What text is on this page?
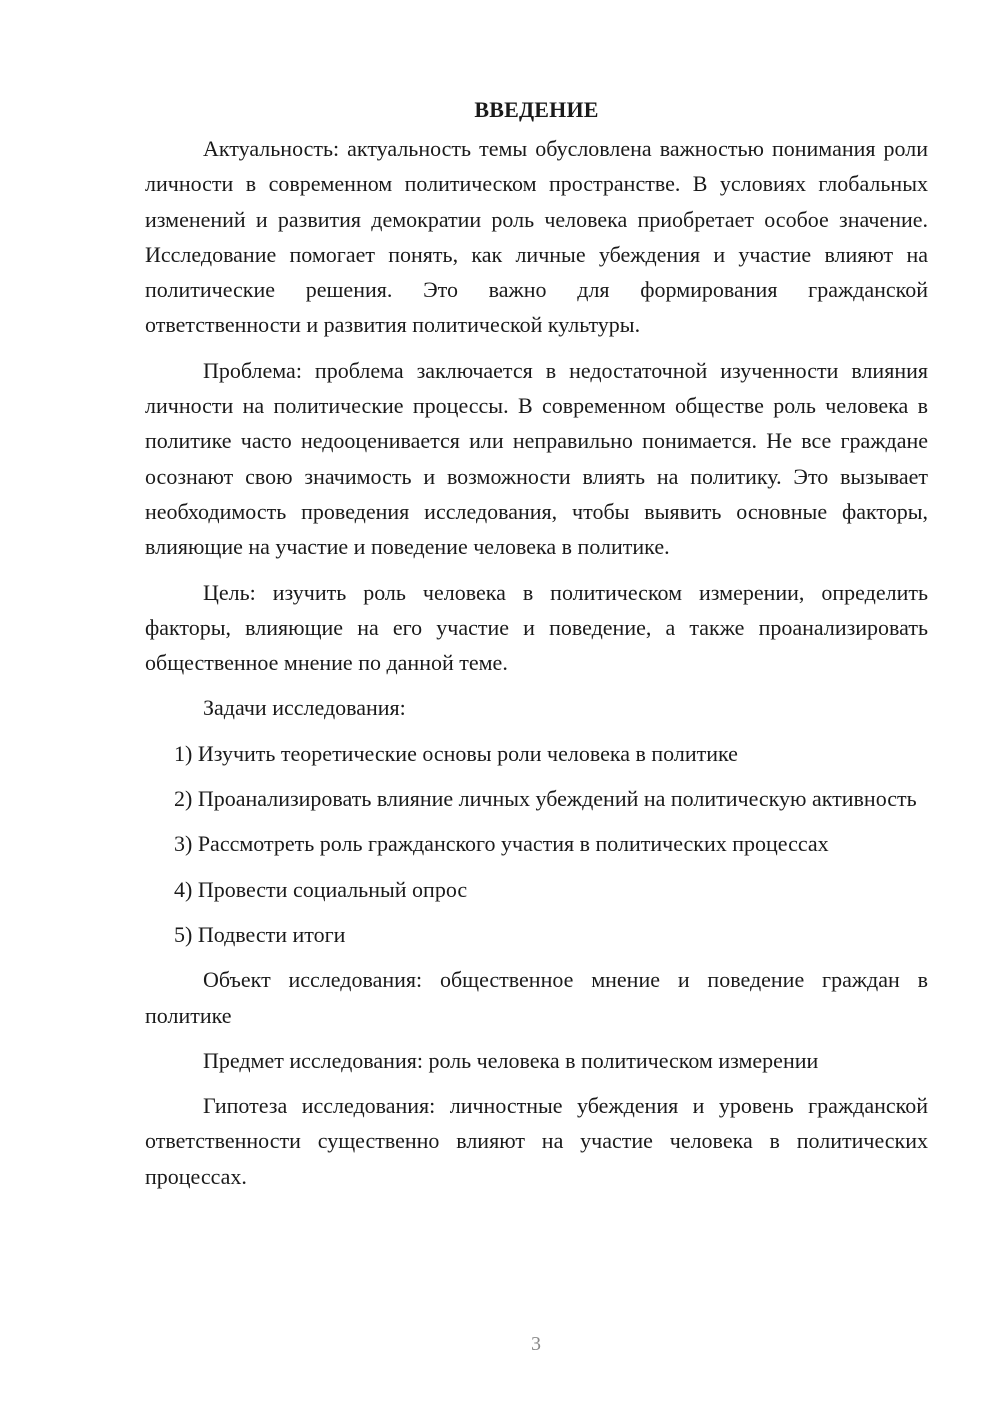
ВВЕДЕНИЕ

Актуальность: актуальность темы обусловлена важностью понимания роли личности в современном политическом пространстве. В условиях глобальных изменений и развития демократии роль человека приобретает особое значение. Исследование помогает понять, как личные убеждения и участие влияют на политические решения. Это важно для формирования гражданской ответственности и развития политической культуры.

Проблема: проблема заключается в недостаточной изученности влияния личности на политические процессы. В современном обществе роль человека в политике часто недооценивается или неправильно понимается. Не все граждане осознают свою значимость и возможности влиять на политику. Это вызывает необходимость проведения исследования, чтобы выявить основные факторы, влияющие на участие и поведение человека в политике.

Цель: изучить роль человека в политическом измерении, определить факторы, влияющие на его участие и поведение, а также проанализировать общественное мнение по данной теме.

Задачи исследования:

1) Изучить теоретические основы роли человека в политике

2) Проанализировать влияние личных убеждений на политическую активность

3) Рассмотреть роль гражданского участия в политических процессах

4) Провести социальный опрос

5) Подвести итоги

Объект исследования: общественное мнение и поведение граждан в политике

Предмет исследования: роль человека в политическом измерении

Гипотеза исследования: личностные убеждения и уровень гражданской ответственности существенно влияют на участие человека в политических процессах.

3
